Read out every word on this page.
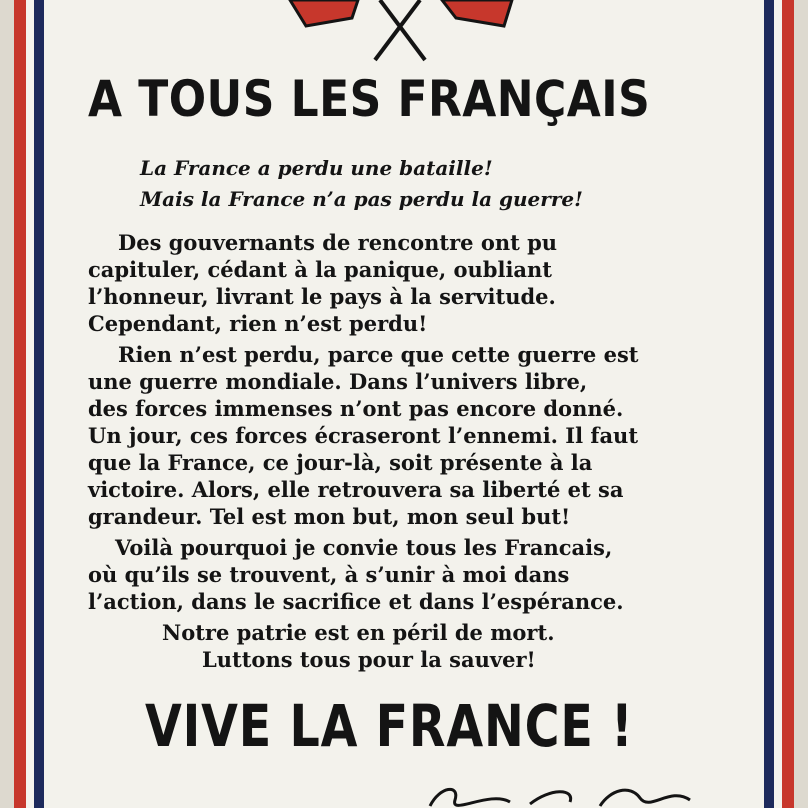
A TOUS LES FRANÇAIS
La France a perdu une bataille!
Mais la France n’a pas perdu la guerre!
Des gouvernants de rencontre ont pu
capituler, cédant à la panique, oubliant
l’honneur, livrant le pays à la servitude.
Cependant, rien n’est perdu!
Rien n’est perdu, parce que cette guerre est
une guerre mondiale. Dans l’univers libre,
des forces immenses n’ont pas encore donné.
Un jour, ces forces écraseront l’ennemi. Il faut
que la France, ce jour-là, soit présente à la
victoire. Alors, elle retrouvera sa liberté et sa
grandeur. Tel est mon but, mon seul but!
Voilà pourquoi je convie tous les Francais,
où qu’ils se trouvent, à s’unir à moi dans
l’action, dans le sacrifice et dans l’espérance.
Notre patrie est en péril de mort.
Luttons tous pour la sauver!
VIVE LA FRANCE !
